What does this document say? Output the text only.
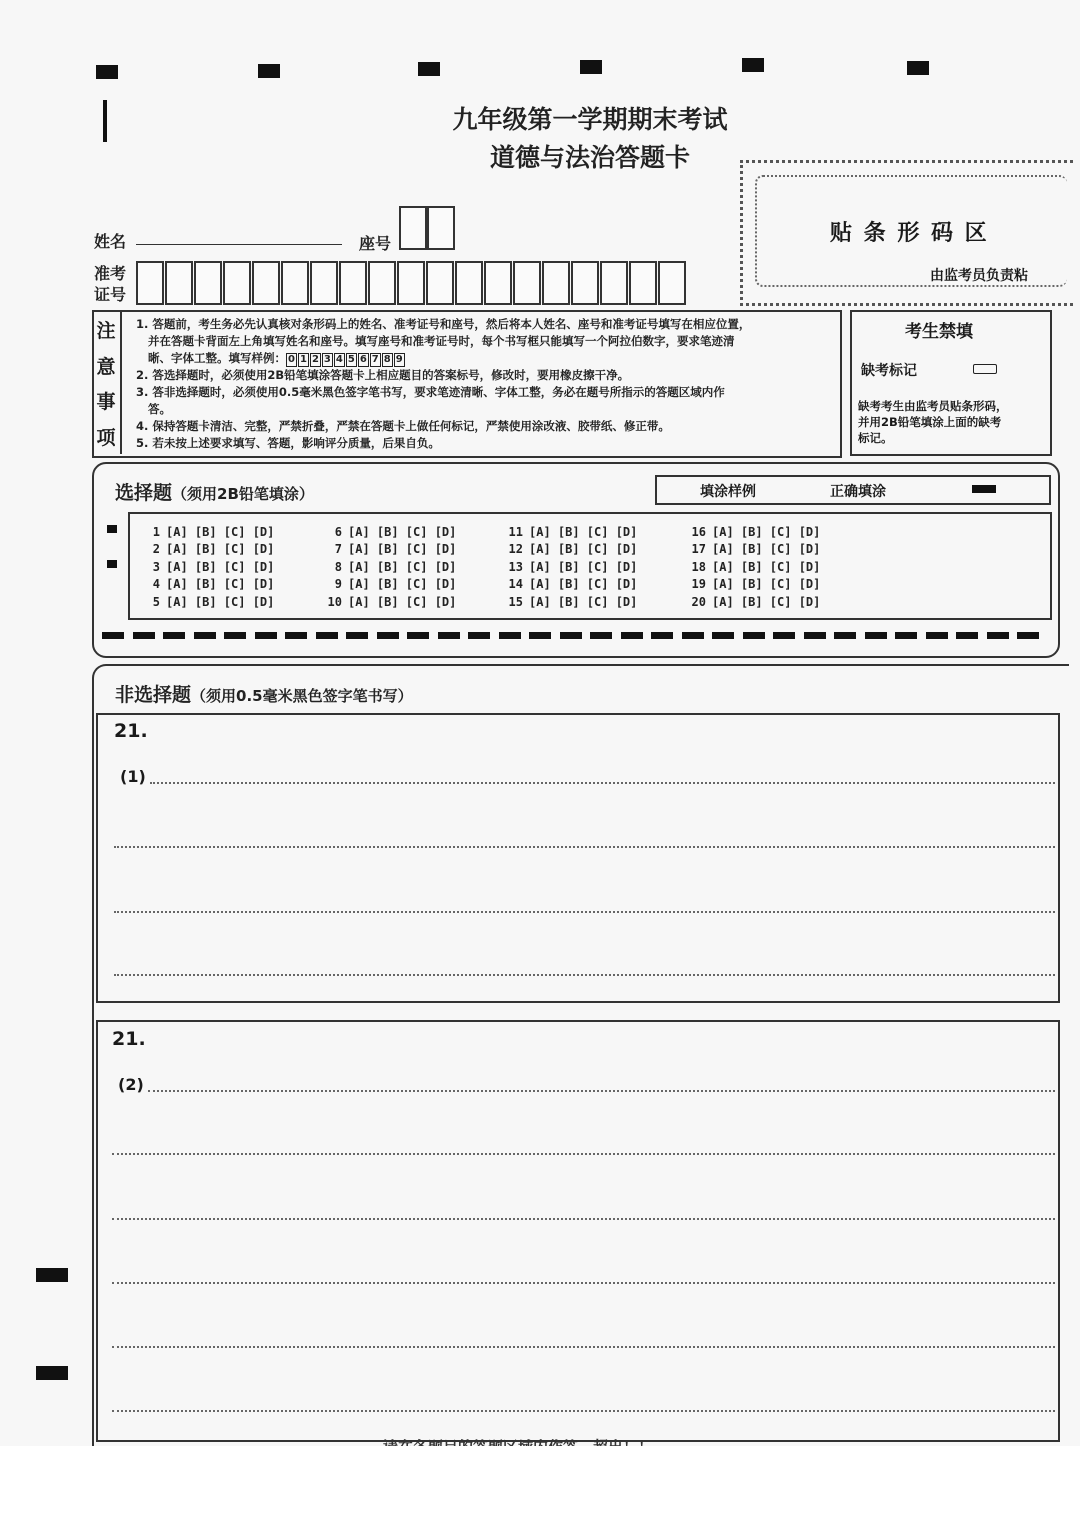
九年级第一学期期末考试
道德与法治答题卡
贴 条 形 码 区
由监考员负责粘
姓名	座号
准考
证号
注
意
事
项
1. 答题前，考生务必先认真核对条形码上的姓名、准考证号和座号，然后将本人姓名、座号和准考证号填写在相应位置，
并在答题卡背面左上角填写姓名和座号。填写座号和准考证号时，每个书写框只能填写一个阿拉伯数字，要求笔迹清
晰、字体工整。填写样例： 0 1 2 3 4 5 6 7 8 9
2. 答选择题时，必须使用2B铅笔填涂答题卡上相应题目的答案标号，修改时，要用橡皮擦干净。
3. 答非选择题时，必须使用0.5毫米黑色签字笔书写，要求笔迹清晰、字体工整，务必在题号所指示的答题区域内作
答。
4. 保持答题卡清洁、完整，严禁折叠，严禁在答题卡上做任何标记，严禁使用涂改液、胶带纸、修正带。
5. 若未按上述要求填写、答题，影响评分质量，后果自负。
考生禁填
缺考标记
缺考考生由监考员贴条形码，
并用2B铅笔填涂上面的缺考
标记。
选择题（须用2B铅笔填涂）	填涂样例	正确填涂
1 [A] [B] [C] [D]
2 [A] [B] [C] [D]
3 [A] [B] [C] [D]
4 [A] [B] [C] [D]
5 [A] [B] [C] [D]
6 [A] [B] [C] [D]
7 [A] [B] [C] [D]
8 [A] [B] [C] [D]
9 [A] [B] [C] [D]
10 [A] [B] [C] [D]
11 [A] [B] [C] [D]
12 [A] [B] [C] [D]
13 [A] [B] [C] [D]
14 [A] [B] [C] [D]
15 [A] [B] [C] [D]
16 [A] [B] [C] [D]
17 [A] [B] [C] [D]
18 [A] [B] [C] [D]
19 [A] [B] [C] [D]
20 [A] [B] [C] [D]
非选择题（须用0.5毫米黑色签字笔书写）
21.
(1)
21.
(2)
